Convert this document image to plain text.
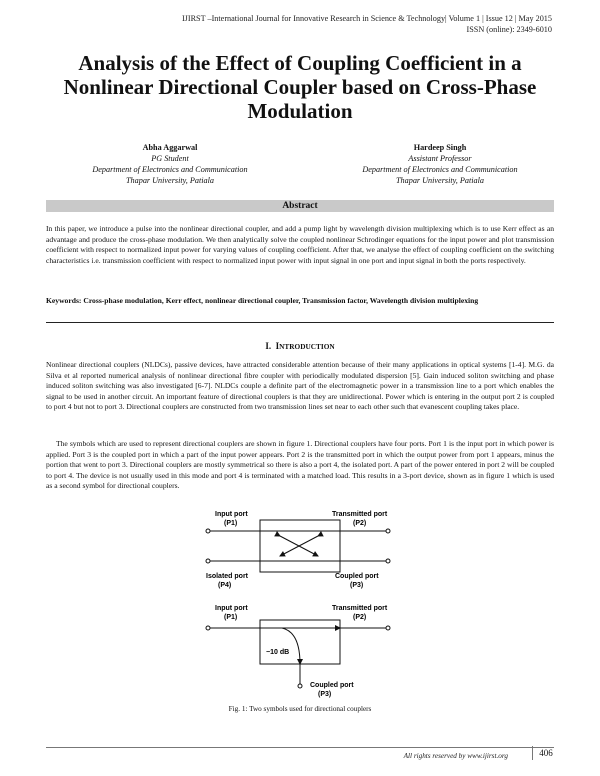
IJIRST –International Journal for Innovative Research in Science & Technology| Volume 1 | Issue 12 | May 2015
ISSN (online): 2349-6010
Analysis of the Effect of Coupling Coefficient in a Nonlinear Directional Coupler based on Cross-Phase Modulation
Abha Aggarwal
PG Student
Department of Electronics and Communication
Thapar University, Patiala
Hardeep Singh
Assistant Professor
Department of Electronics and Communication
Thapar University, Patiala
Abstract
In this paper, we introduce a pulse into the nonlinear directional coupler, and add a pump light by wavelength division multiplexing which is to use Kerr effect as an advantage and produce the cross-phase modulation. We then analytically solve the coupled nonlinear Schrodinger equations for the input power and plot transmission coefficient with respect to normalized input power for varying values of coupling coefficient. After that, we analyse the effect of coupling coefficient on the switching characteristics i.e. transmission coefficient with respect to normalized input power with input signal in one port and input signal in both the ports respectively.
Keywords: Cross-phase modulation, Kerr effect, nonlinear directional coupler, Transmission factor, Wavelength division multiplexing
I. INTRODUCTION
Nonlinear directional couplers (NLDCs), passive devices, have attracted considerable attention because of their many applications in optical systems [1-4]. M.G. da Silva et al reported numerical analysis of nonlinear directional fibre coupler with periodically modulated dispersion [5]. Gain induced soliton switching and phase induced soliton switching was also investigated [6-7]. NLDCs couple a definite part of the electromagnetic power in a transmission line to a port which enables the signal to be used in another circuit. An important feature of directional couplers is that they are unidirectional. Power which is entering in the output port 2 is coupled to port 4 but not to port 3. Directional couplers are constructed from two transmission lines set near to each other such that evanescent coupling takes place.
The symbols which are used to represent directional couplers are shown in figure 1. Directional couplers have four ports. Port 1 is the input port in which power is applied. Port 3 is the coupled port in which a part of the input power appears. Port 2 is the transmitted port in which the output power from port 1 appears, minus the portion that went to port 3. Directional couplers are mostly symmetrical so there is also a port 4, the isolated port. A part of the power entered in port 2 will be coupled to port 4. The device is not usually used in this mode and port 4 is terminated with a matched load. This results in a 3-port device, shown as in figure 1 which is used as a second symbol for directional couplers.
Input port
(P1)
Transmitted port
(P2)
Isolated port
(P4)
Coupled port
(P3)
Input port
(P1)
Transmitted port
(P2)
−10 dB
Coupled port
(P3)
Fig. 1: Two symbols used for directional couplers
All rights reserved by www.ijirst.org	406
